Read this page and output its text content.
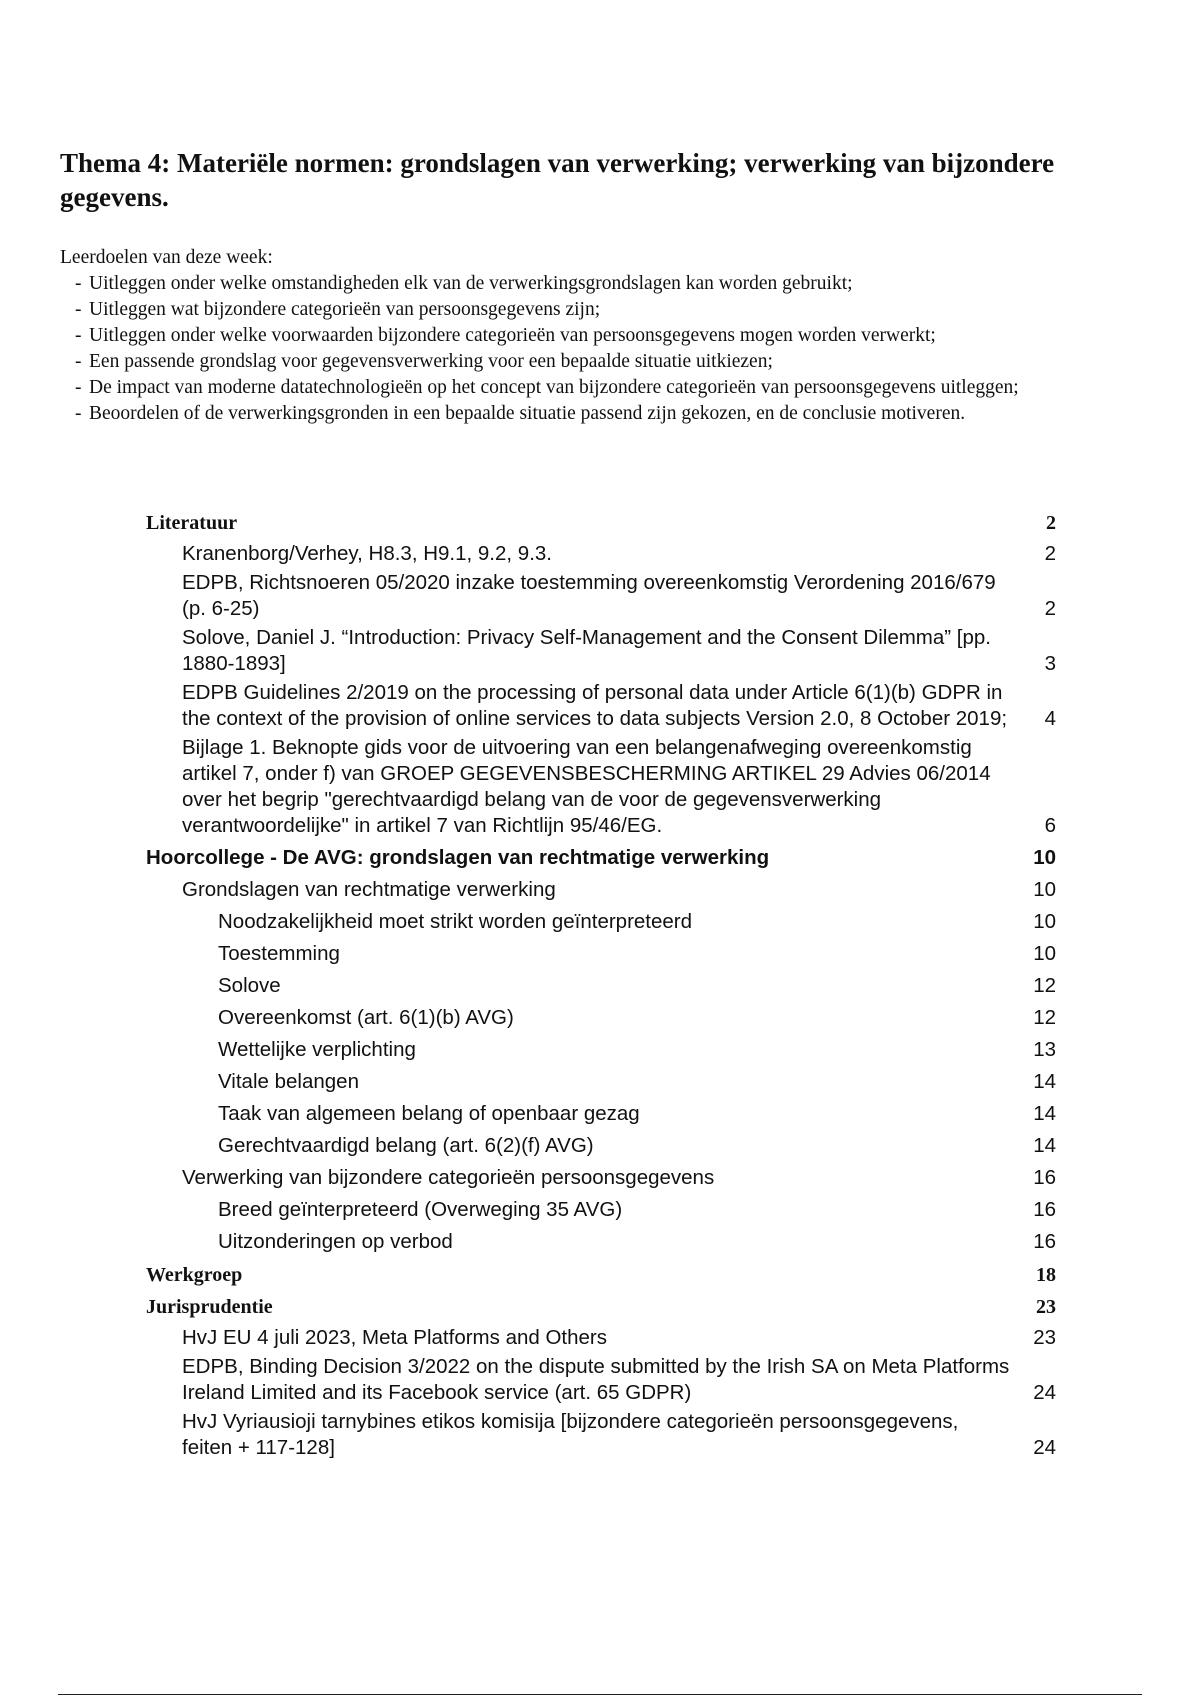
Thema 4: Materiële normen: grondslagen van verwerking; verwerking van bijzondere gegevens.
Leerdoelen van deze week:
- Uitleggen onder welke omstandigheden elk van de verwerkingsgrondslagen kan worden gebruikt;
- Uitleggen wat bijzondere categorieën van persoonsgegevens zijn;
- Uitleggen onder welke voorwaarden bijzondere categorieën van persoonsgegevens mogen worden verwerkt;
- Een passende grondslag voor gegevensverwerking voor een bepaalde situatie uitkiezen;
- De impact van moderne datatechnologieën op het concept van bijzondere categorieën van persoonsgegevens uitleggen;
- Beoordelen of de verwerkingsgronden in een bepaalde situatie passend zijn gekozen, en de conclusie motiveren.
Literatuur	2
Kranenborg/Verhey, H8.3, H9.1, 9.2, 9.3.	2
EDPB, Richtsnoeren 05/2020 inzake toestemming overeenkomstig Verordening 2016/679 (p. 6-25)	2
Solove, Daniel J. “Introduction: Privacy Self-Management and the Consent Dilemma” [pp. 1880-1893]	3
EDPB Guidelines 2/2019 on the processing of personal data under Article 6(1)(b) GDPR in the context of the provision of online services to data subjects Version 2.0, 8 October 2019;	4
Bijlage 1. Beknopte gids voor de uitvoering van een belangenafweging overeenkomstig artikel 7, onder f) van GROEP GEGEVENSBESCHERMING ARTIKEL 29 Advies 06/2014 over het begrip "gerechtvaardigd belang van de voor de gegevensverwerking verantwoordelijke" in artikel 7 van Richtlijn 95/46/EG.	6
Hoorcollege - De AVG: grondslagen van rechtmatige verwerking	10
Grondslagen van rechtmatige verwerking	10
Noodzakelijkheid moet strikt worden geïnterpreteerd	10
Toestemming	10
Solove	12
Overeenkomst (art. 6(1)(b) AVG)	12
Wettelijke verplichting	13
Vitale belangen	14
Taak van algemeen belang of openbaar gezag	14
Gerechtvaardigd belang (art. 6(2)(f) AVG)	14
Verwerking van bijzondere categorieën persoonsgegevens	16
Breed geïnterpreteerd (Overweging 35 AVG)	16
Uitzonderingen op verbod	16
Werkgroep	18
Jurisprudentie	23
HvJ EU 4 juli 2023, Meta Platforms and Others	23
EDPB, Binding Decision 3/2022 on the dispute submitted by the Irish SA on Meta Platforms Ireland Limited and its Facebook service (art. 65 GDPR)	24
HvJ Vyriausioji tarnybines etikos komisija [bijzondere categorieën persoonsgegevens, feiten + 117-128]	24
